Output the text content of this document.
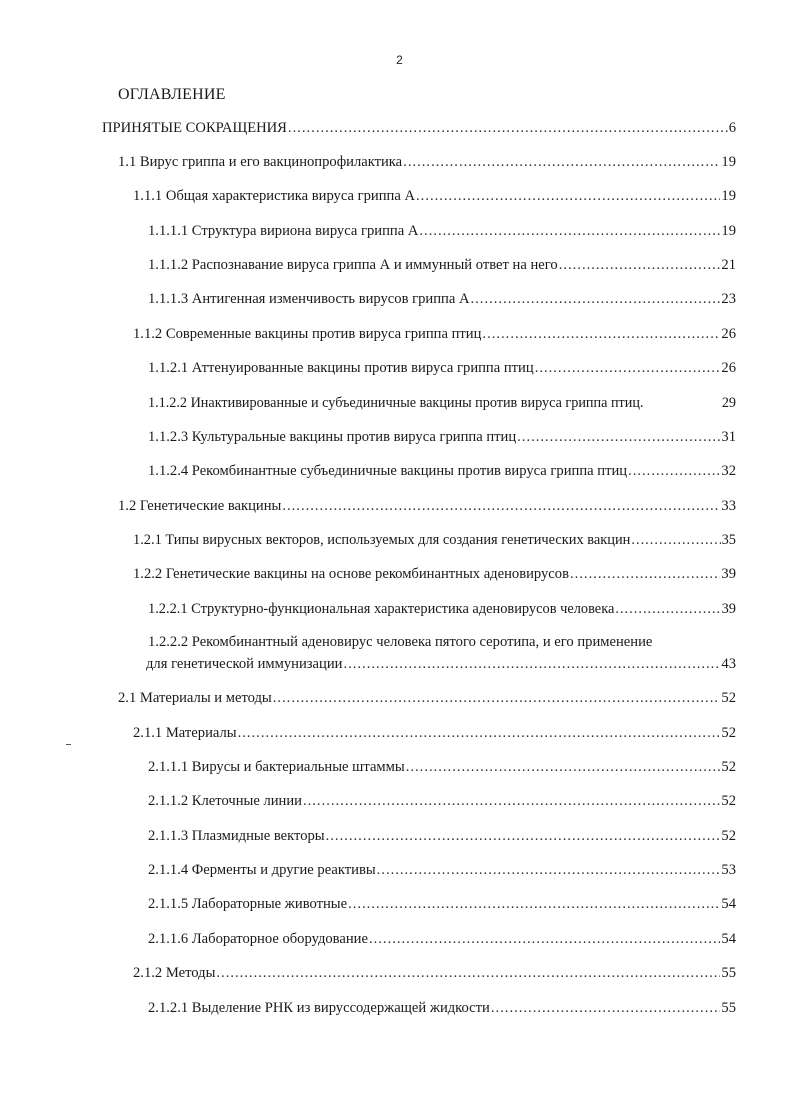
2
ОГЛАВЛЕНИЕ
ПРИНЯТЫЕ СОКРАЩЕНИЯ .....	6
1.1 Вирус гриппа и его вакцинопрофилактика .....	19
1.1.1 Общая характеристика вируса гриппа А .....	19
1.1.1.1 Структура вириона вируса гриппа А .....	19
1.1.1.2 Распознавание вируса гриппа А и иммунный ответ на него .....	21
1.1.1.3 Антигенная изменчивость вирусов гриппа А .....	23
1.1.2 Современные вакцины против вируса гриппа птиц .....	26
1.1.2.1 Аттенуированные вакцины против вируса гриппа птиц .....	26
1.1.2.2 Инактивированные и субъединичные вакцины против вируса гриппа птиц.	29
1.1.2.3 Культуральные вакцины против вируса гриппа птиц .....	31
1.1.2.4 Рекомбинантные субъединичные вакцины против вируса гриппа птиц .....	32
1.2 Генетические вакцины .....	33
1.2.1 Типы вирусных векторов, используемых для создания генетических вакцин .....	35
1.2.2 Генетические вакцины на основе рекомбинантных аденовирусов .....	39
1.2.2.1 Структурно-функциональная характеристика аденовирусов человека .....	39
1.2.2.2 Рекомбинантный аденовирус человека пятого серотипа, и его применение
для генетической иммунизации .....	43
2.1 Материалы и методы .....	52
2.1.1 Материалы .....	52
2.1.1.1 Вирусы и бактериальные штаммы .....	52
2.1.1.2 Клеточные линии .....	52
2.1.1.3 Плазмидные векторы .....	52
2.1.1.4 Ферменты и другие реактивы .....	53
2.1.1.5 Лабораторные животные .....	54
2.1.1.6 Лабораторное оборудование .....	54
2.1.2 Методы .....	55
2.1.2.1 Выделение РНК из вируссодержащей жидкости .....	55
